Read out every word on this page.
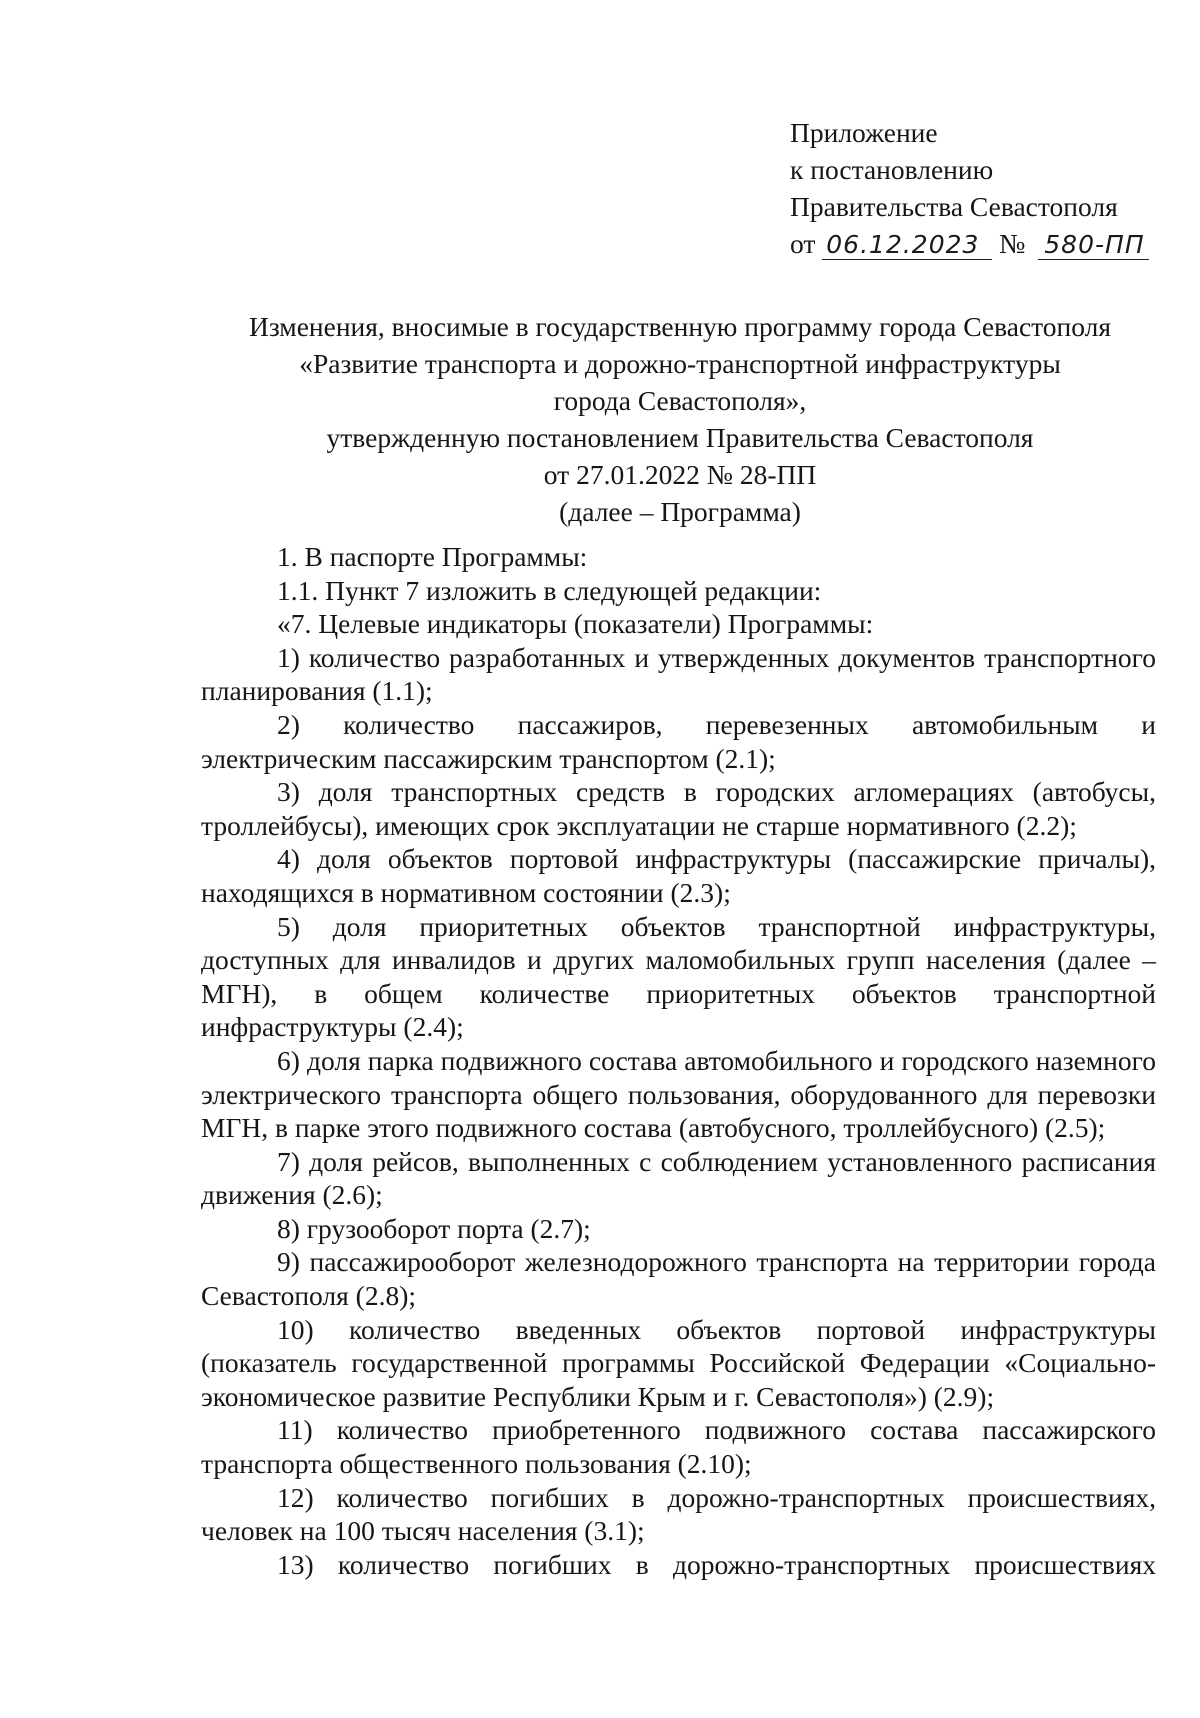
Приложение
к постановлению
Правительства Севастополя
от 06.12.2023 № 580-ПП
Изменения, вносимые в государственную программу города Севастополя
«Развитие транспорта и дорожно-транспортной инфраструктуры
города Севастополя»,
утвержденную постановлением Правительства Севастополя
от 27.01.2022 № 28-ПП
(далее – Программа)

1. В паспорте Программы:

1.1. Пункт 7 изложить в следующей редакции:

«7. Целевые индикаторы (показатели) Программы:

1) количество разработанных и утвержденных документов транспортного планирования (1.1);

2) количество пассажиров, перевезенных автомобильным и электрическим пассажирским транспортом (2.1);

3) доля транспортных средств в городских агломерациях (автобусы, троллейбусы), имеющих срок эксплуатации не старше нормативного (2.2);

4) доля объектов портовой инфраструктуры (пассажирские причалы), находящихся в нормативном состоянии (2.3);

5) доля приоритетных объектов транспортной инфраструктуры, доступных для инвалидов и других маломобильных групп населения (далее – МГН), в общем количестве приоритетных объектов транспортной инфраструктуры (2.4);

6) доля парка подвижного состава автомобильного и городского наземного электрического транспорта общего пользования, оборудованного для перевозки МГН, в парке этого подвижного состава (автобусного, троллейбусного) (2.5);

7) доля рейсов, выполненных с соблюдением установленного расписания движения (2.6);

8) грузооборот порта (2.7);

9) пассажирооборот железнодорожного транспорта на территории города Севастополя (2.8);

10) количество введенных объектов портовой инфраструктуры (показатель государственной программы Российской Федерации «Социально-экономическое развитие Республики Крым и г. Севастополя») (2.9);

11) количество приобретенного подвижного состава пассажирского транспорта общественного пользования (2.10);

12) количество погибших в дорожно-транспортных происшествиях, человек на 100 тысяч населения (3.1);

13) количество погибших в дорожно-транспортных происшествиях
